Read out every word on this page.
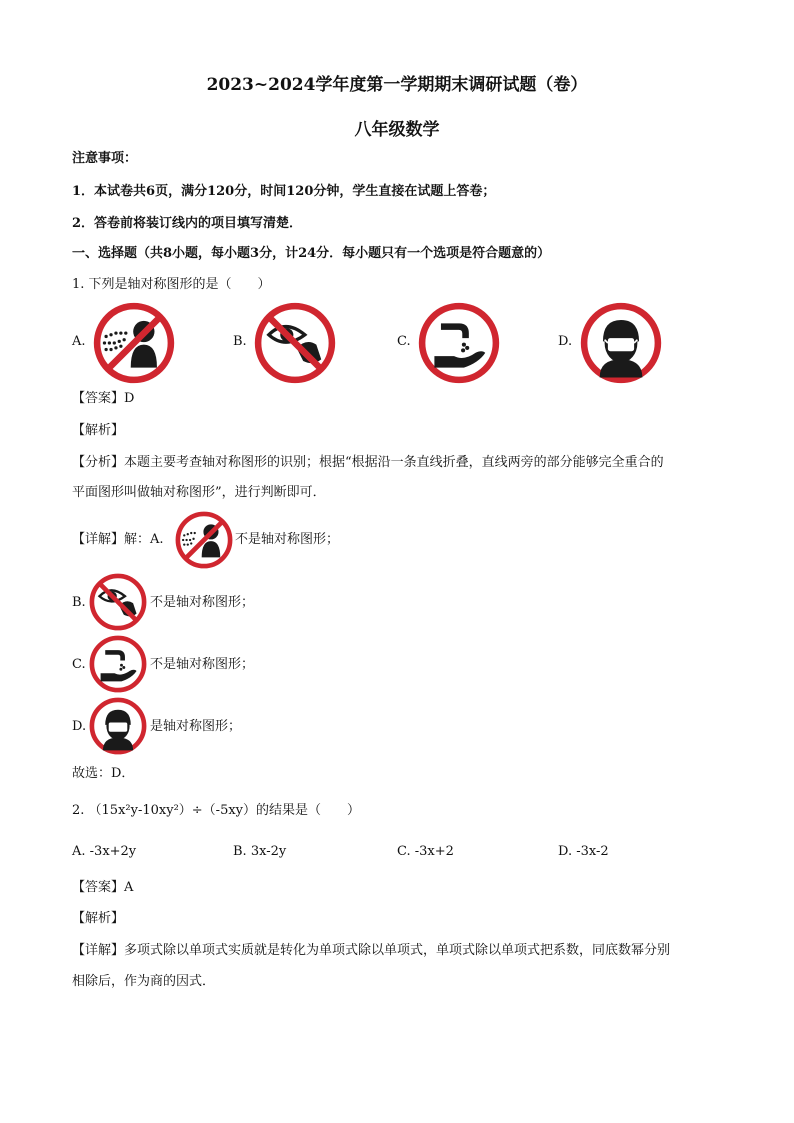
2023~2024学年度第一学期期末调研试题（卷）
八年级数学
注意事项：
1．本试卷共6页，满分120分，时间120分钟，学生直接在试题上答卷；
2．答卷前将装订线内的项目填写清楚．
一、选择题（共8小题，每小题3分，计24分．每小题只有一个选项是符合题意的）
1. 下列是轴对称图形的是（　　）
A.	B.	C.	D.
【答案】D
【解析】
【分析】本题主要考查轴对称图形的识别；根据“根据沿一条直线折叠，直线两旁的部分能够完全重合的
平面图形叫做轴对称图形”，进行判断即可．
【详解】解：A.	不是轴对称图形；
B.	不是轴对称图形；
C.	不是轴对称图形；
D.	是轴对称图形；
故选：D．
2. （15x²y-10xy²）÷（-5xy）的结果是（　　）
A. -3x+2y	B. 3x-2y	C. -3x+2	D. -3x-2
【答案】A
【解析】
【详解】多项式除以单项式实质就是转化为单项式除以单项式，单项式除以单项式把系数，同底数幂分别
相除后，作为商的因式．
